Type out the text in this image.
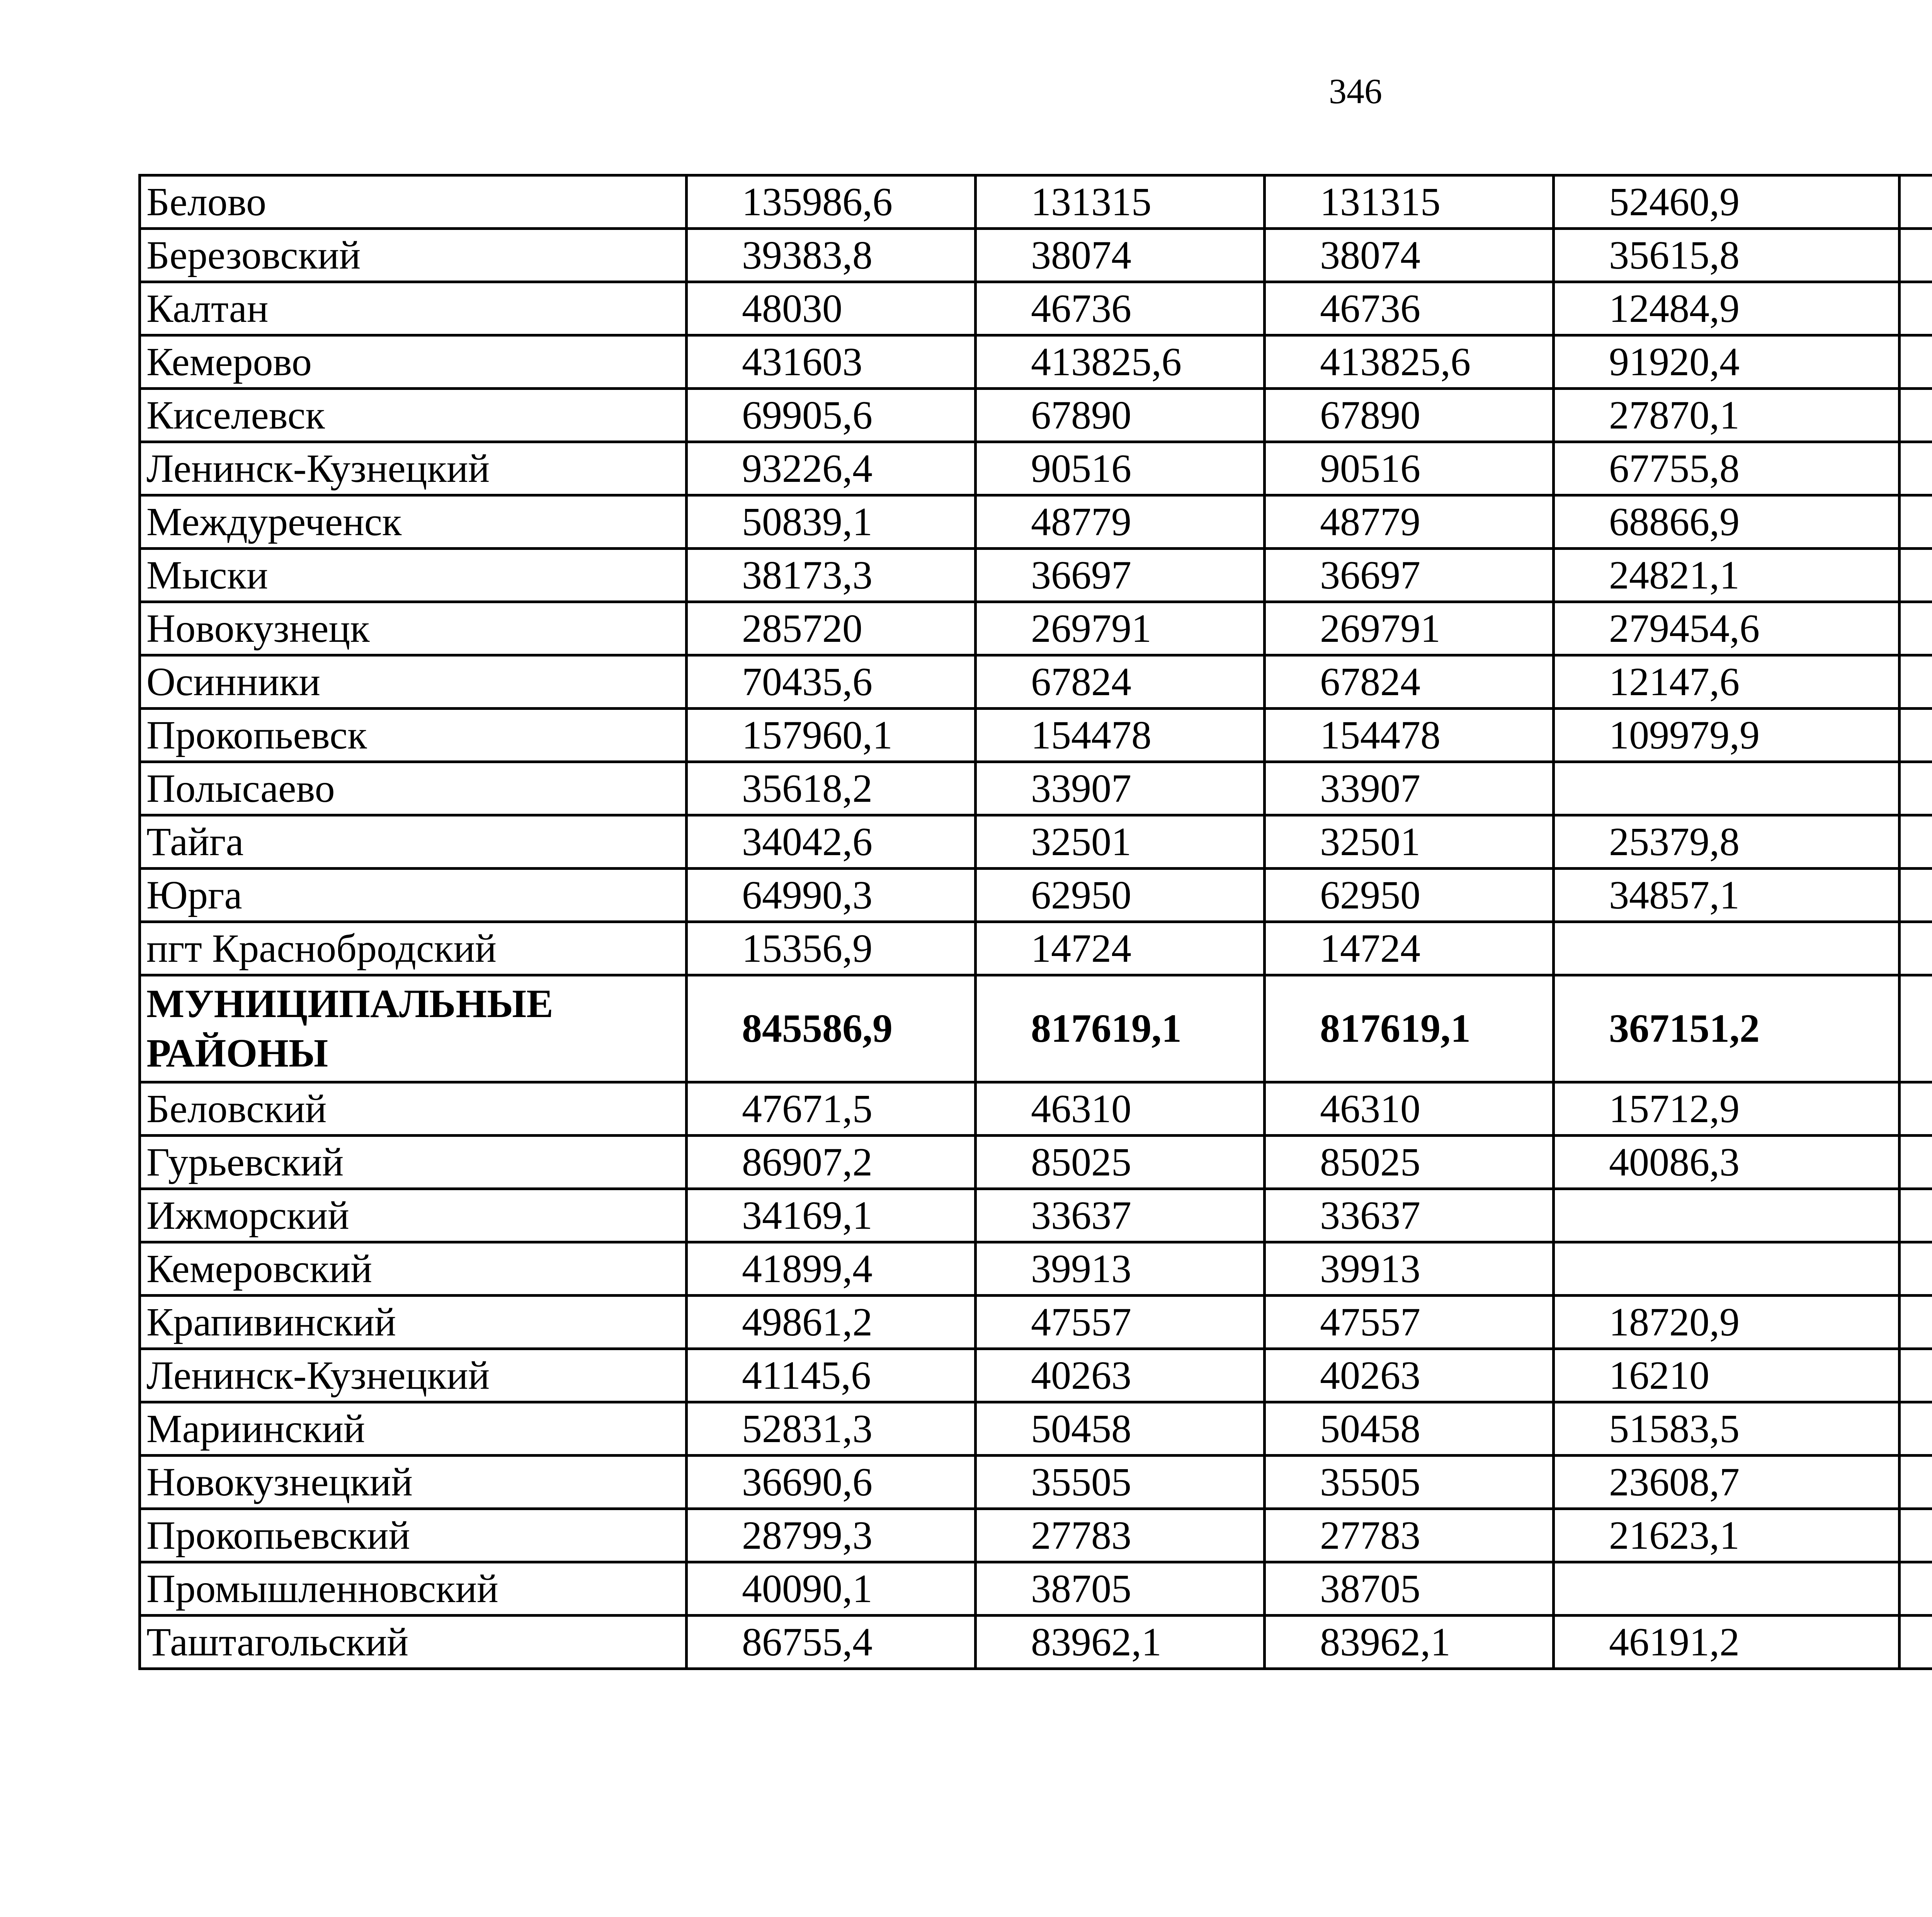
346
Белово	135986,6	131315	131315	52460,9		
Березовский	39383,8	38074	38074	35615,8		
Калтан	48030	46736	46736	12484,9		
Кемерово	431603	413825,6	413825,6	91920,4		
Киселевск	69905,6	67890	67890	27870,1		
Ленинск-Кузнецкий	93226,4	90516	90516	67755,8		
Междуреченск	50839,1	48779	48779	68866,9		
Мыски	38173,3	36697	36697	24821,1		
Новокузнецк	285720	269791	269791	279454,6		
Осинники	70435,6	67824	67824	12147,6		
Прокопьевск	157960,1	154478	154478	109979,9		
Полысаево	35618,2	33907	33907			
Тайга	34042,6	32501	32501	25379,8		
Юрга	64990,3	62950	62950	34857,1		
пгт Краснобродский	15356,9	14724	14724			
МУНИЦИПАЛЬНЫЕ РАЙОНЫ	845586,9	817619,1	817619,1	367151,2		
Беловский	47671,5	46310	46310	15712,9		
Гурьевский	86907,2	85025	85025	40086,3		
Ижморский	34169,1	33637	33637			
Кемеровский	41899,4	39913	39913			
Крапивинский	49861,2	47557	47557	18720,9		
Ленинск-Кузнецкий	41145,6	40263	40263	16210		
Мариинский	52831,3	50458	50458	51583,5		
Новокузнецкий	36690,6	35505	35505	23608,7		
Прокопьевский	28799,3	27783	27783	21623,1		
Промышленновский	40090,1	38705	38705			
Таштагольский	86755,4	83962,1	83962,1	46191,2		
